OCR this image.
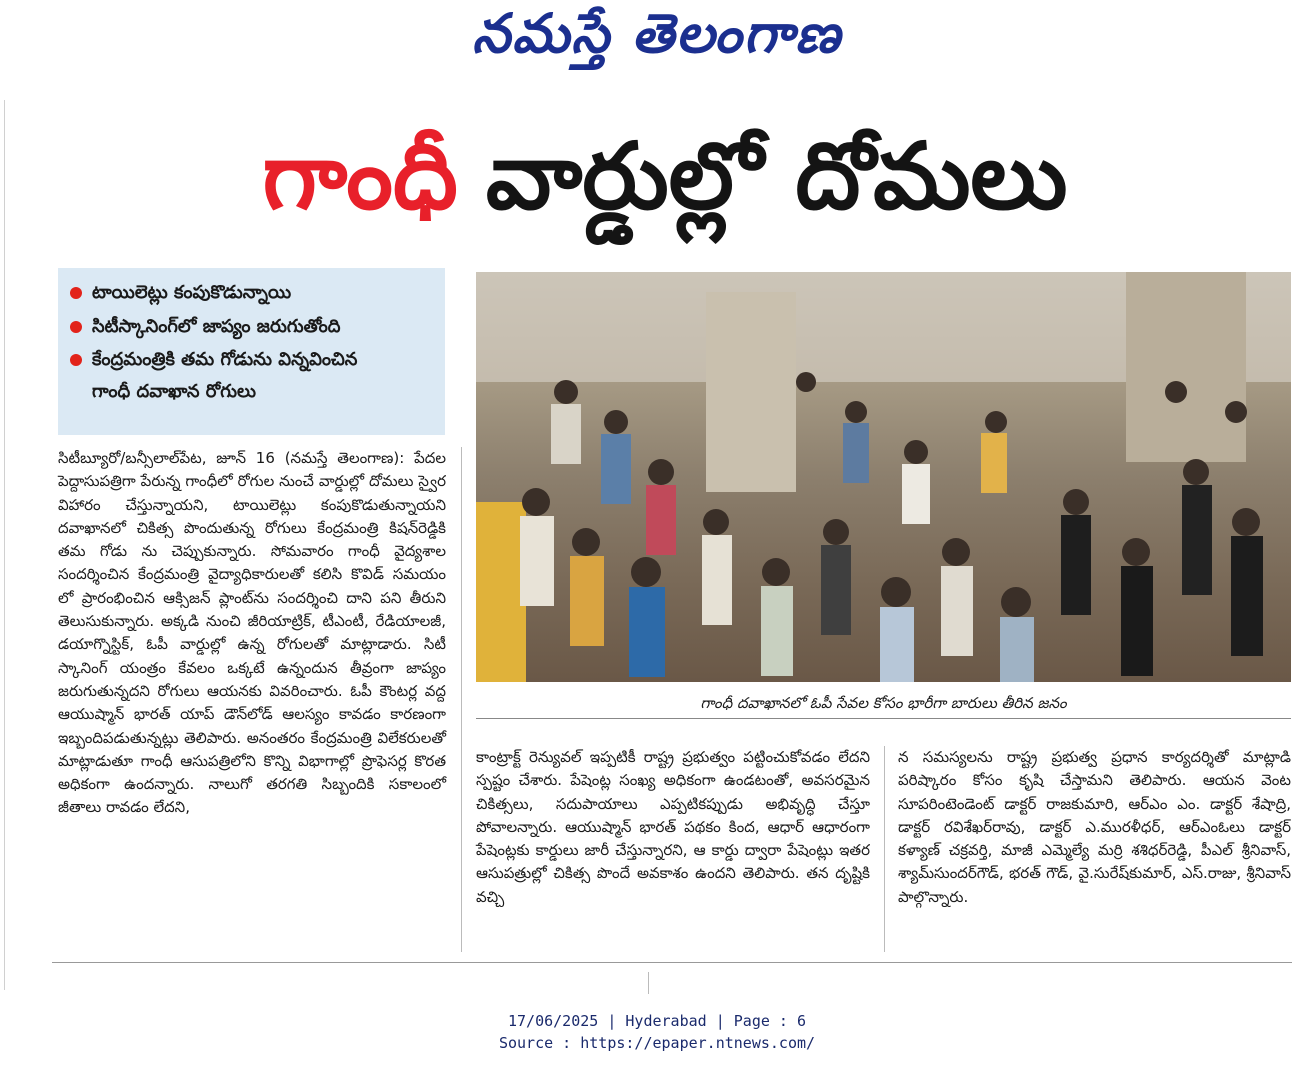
నమస్తే తెలంగాణ
గాంధీ వార్డుల్లో దోమలు
టాయిలెట్లు కంపుకొడున్నాయి
సిటీస్కానింగ్‌లో జాప్యం జరుగుతోంది
కేంద్రమంత్రికి తమ గోడును విన్నవించిన
గాంధీ దవాఖాన రోగులు
గాంధీ దవాఖానలో ఓపీ సేవల కోసం భారీగా బారులు తీరిన జనం
సిటీబ్యూరో/బన్సీలాల్‌పేట, జూన్ 16 (నమస్తే తెలంగాణ): పేదల పెద్దాసుపత్రిగా పేరున్న గాంధీలో రోగుల నుంచే వార్డుల్లో దోమలు స్వైర విహారం చేస్తున్నాయని, టాయిలెట్లు కంపుకొడుతున్నాయని దవాఖానలో చికిత్స పొందుతున్న రోగులు కేంద్రమంత్రి కిషన్‌రెడ్డికి తమ గోడు ను చెప్పుకున్నారు. సోమవారం గాంధీ వైద్యశాల సందర్శించిన కేంద్రమంత్రి వైద్యాధికారులతో కలిసి కొవిడ్ సమయం లో ప్రారంభించిన ఆక్సిజన్ ప్లాంట్‌ను సందర్శించి దాని పని తీరుని తెలుసుకున్నారు. అక్కడి నుంచి జీరియాట్రిక్, టీఎంటీ, రేడియాలజీ, డయాగ్నొస్టిక్, ఓపీ వార్డుల్లో ఉన్న రోగులతో మాట్లాడారు. సిటీ స్కానింగ్ యంత్రం కేవలం ఒక్కటే ఉన్నందున తీవ్రంగా జాప్యం జరుగుతున్నదని రోగులు ఆయనకు వివరించారు. ఓపీ కౌంటర్ల వద్ద ఆయుష్మాన్ భారత్ యాప్ డౌన్‌లోడ్ ఆలస్యం కావడం కారణంగా ఇబ్బందిపడుతున్నట్లు తెలిపారు. అనంతరం కేంద్రమంత్రి విలేకరులతో మాట్లాడుతూ గాంధీ ఆసుపత్రిలోని కొన్ని విభాగాల్లో ప్రొఫెసర్ల కొరత అధికంగా ఉందన్నారు. నాలుగో తరగతి సిబ్బందికి సకాలంలో జీతాలు రావడం లేదని,
కాంట్రాక్ట్ రెన్యువల్ ఇప్పటికీ రాష్ట్ర ప్రభుత్వం పట్టించుకోవడం లేదని స్పష్టం చేశారు. పేషెంట్ల సంఖ్య అధికంగా ఉండటంతో, అవసరమైన చికిత్సలు, సదుపాయాలు ఎప్పటికప్పుడు అభివృద్ధి చేస్తూ పోవాలన్నారు. ఆయుష్మాన్ భారత్ పథకం కింద, ఆధార్ ఆధారంగా పేషెంట్లకు కార్డులు జారీ చేస్తున్నారని, ఆ కార్డు ద్వారా పేషెంట్లు ఇతర ఆసుపత్రుల్లో చికిత్స పొందే అవకాశం ఉందని తెలిపారు. తన దృష్టికి వచ్చి
న సమస్యలను రాష్ట్ర ప్రభుత్వ ప్రధాన కార్యదర్శితో మాట్లాడి పరిష్కారం కోసం కృషి చేస్తామని తెలిపారు. ఆయన వెంట సూపరింటెండెంట్ డాక్టర్ రాజకుమారి, ఆర్‌ఎం ఎం. డాక్టర్ శేషాద్రి, డాక్టర్ రవిశేఖర్‌రావు, డాక్టర్ ఎ.మురళీధర్, ఆర్‌ఎంఓలు డాక్టర్ కళ్యాణ్ చక్రవర్తి, మాజీ ఎమ్మెల్యే మర్రి శశిధర్‌రెడ్డి, పీఎల్ శ్రీనివాస్, శ్యామ్‌సుందర్‌గౌడ్, భరత్ గౌడ్, వై.సురేష్‌కుమార్, ఎస్.రాజు, శ్రీనివాస్ పాల్గొన్నారు.
17/06/2025 | Hyderabad | Page : 6
Source : https://epaper.ntnews.com/
